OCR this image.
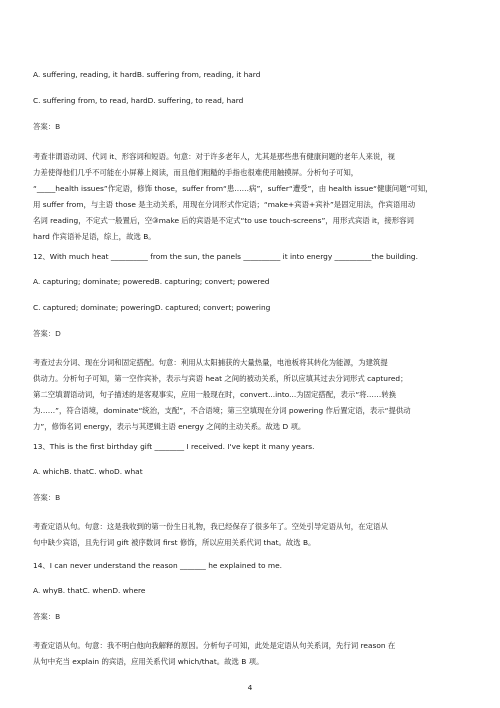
A. suffering, reading, it hardB. suffering from, reading, it hard
C. suffering from, to read, hardD. suffering, to read, hard
答案：B
考查非谓语动词、代词 it、形容词和短语。句意：对于许多老年人，尤其是那些患有健康问题的老年人来说，视
力差使得他们几乎不可能在小屏幕上阅读，而且他们粗糙的手指也很难使用触摸屏。分析句子可知，
“_____health issues”作定语，修饰 those，suffer from“患……病”，suffer“遭受”，由 health issue“健康问题”可知，
用 suffer from，与主语 those 是主动关系，用现在分词形式作定语；“make+宾语+宾补”是固定用法，作宾语用动
名词 reading，不定式一般置后，空③make 后的宾语是不定式“to use touch-screens”，用形式宾语 it，接形容词
hard 作宾语补足语，综上，故选 B。
12、With much heat __________ from the sun, the panels __________ it into energy __________the building.
A. capturing; dominate; poweredB. capturing; convert; powered
C. captured; dominate; poweringD. captured; convert; powering
答案：D
考查过去分词、现在分词和固定搭配。句意：利用从太阳捕获的大量热量，电池板将其转化为能源，为建筑提
供动力。分析句子可知，第一空作宾补，表示与宾语 heat 之间的被动关系，所以应填其过去分词形式 captured；
第二空填谓语动词，句子描述的是客观事实，应用一般现在时，convert...into...为固定搭配，表示“将……转换
为……”，符合语境，dominate“统治，支配”，不合语境；第三空填现在分词 powering 作后置定语，表示“提供动
力”，修饰名词 energy，表示与其逻辑主语 energy 之间的主动关系。故选 D 项。
13、This is the first birthday gift ________ I received. I've kept it many years.
A. whichB. thatC. whoD. what
答案：B
考查定语从句。句意：这是我收到的第一份生日礼物，我已经保存了很多年了。空处引导定语从句，在定语从
句中缺少宾语，且先行词 gift 被序数词 first 修饰，所以应用关系代词 that。故选 B。
14、I can never understand the reason _______ he explained to me.
A. whyB. thatC. whenD. where
答案：B
考查定语从句。句意：我不明白他向我解释的原因。分析句子可知，此处是定语从句关系词，先行词 reason 在
从句中充当 explain 的宾语，应用关系代词 which/that。故选 B 项。
4
